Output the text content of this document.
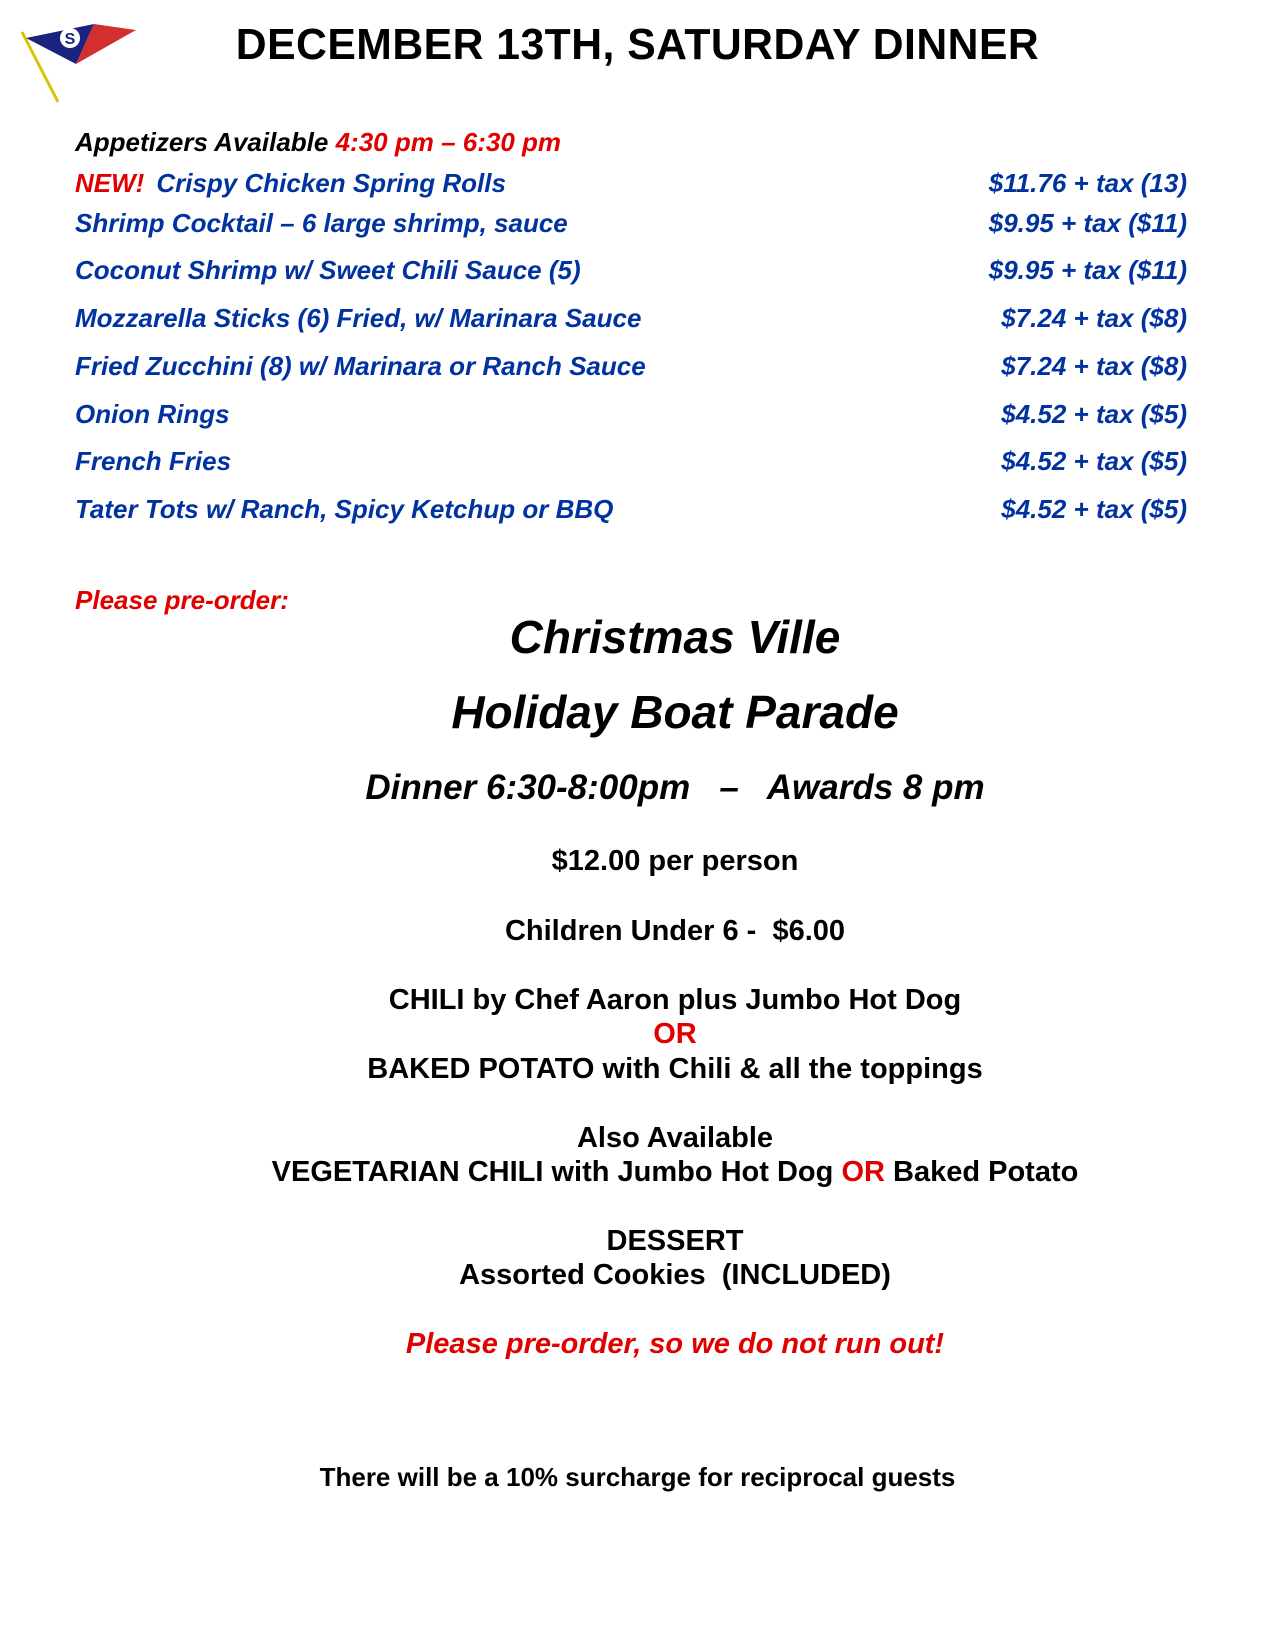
S	DECEMBER 13TH, SATURDAY DINNER
Appetizers Available 4:30 pm – 6:30 pm
NEW! Crispy Chicken Spring Rolls	$11.76 + tax (13)
Shrimp Cocktail – 6 large shrimp, sauce	$9.95 + tax ($11)
Coconut Shrimp w/ Sweet Chili Sauce (5)	$9.95 + tax ($11)
Mozzarella Sticks (6) Fried, w/ Marinara Sauce	$7.24 + tax ($8)
Fried Zucchini (8) w/ Marinara or Ranch Sauce	$7.24 + tax ($8)
Onion Rings	$4.52 + tax ($5)
French Fries	$4.52 + tax ($5)
Tater Tots w/ Ranch, Spicy Ketchup or BBQ	$4.52 + tax ($5)
Please pre-order:
Christmas Ville
Holiday Boat Parade
Dinner 6:30-8:00pm   –   Awards 8 pm
$12.00 per person
Children Under 6 -  $6.00
CHILI by Chef Aaron plus Jumbo Hot Dog
OR
BAKED POTATO with Chili & all the toppings
Also Available
VEGETARIAN CHILI with Jumbo Hot Dog OR Baked Potato
DESSERT
Assorted Cookies  (INCLUDED)
Please pre-order, so we do not run out!
There will be a 10% surcharge for reciprocal guests
